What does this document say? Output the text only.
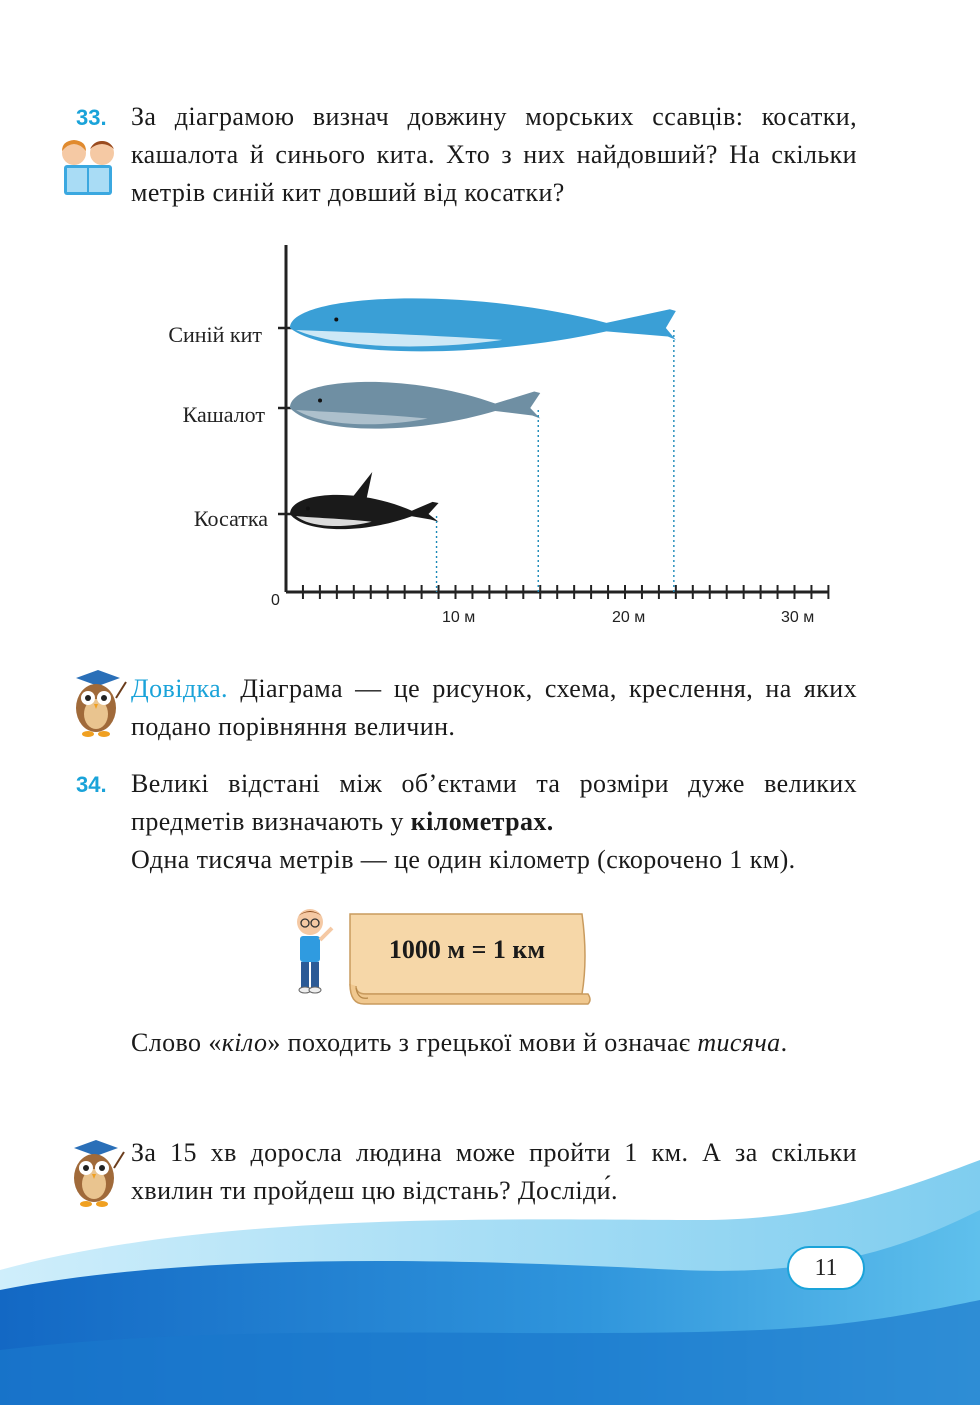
33. За діаграмою визнач довжину морських ссавців: косатки, кашалота й синього кита. Хто з них найдовший? На скільки метрів синій кит довший від косатки?
Синій кит
Кашалот
Косатка
0
10 м	20 м	30 м
Довідка. Діаграма — це рисунок, схема, креслення, на яких подано порівняння величин.
34. Великі відстані між об’єктами та розміри дуже великих предметів визначають у кілометрах.
Одна тисяча метрів — це один кілометр (скорочено 1 км).
1000 м = 1 км
Слово «кіло» походить з грецької мови й означає тисяча.
За 15 хв доросла людина може пройти 1 км. А за скільки хвилин ти пройдеш цю відстань? Досліди́.
11
